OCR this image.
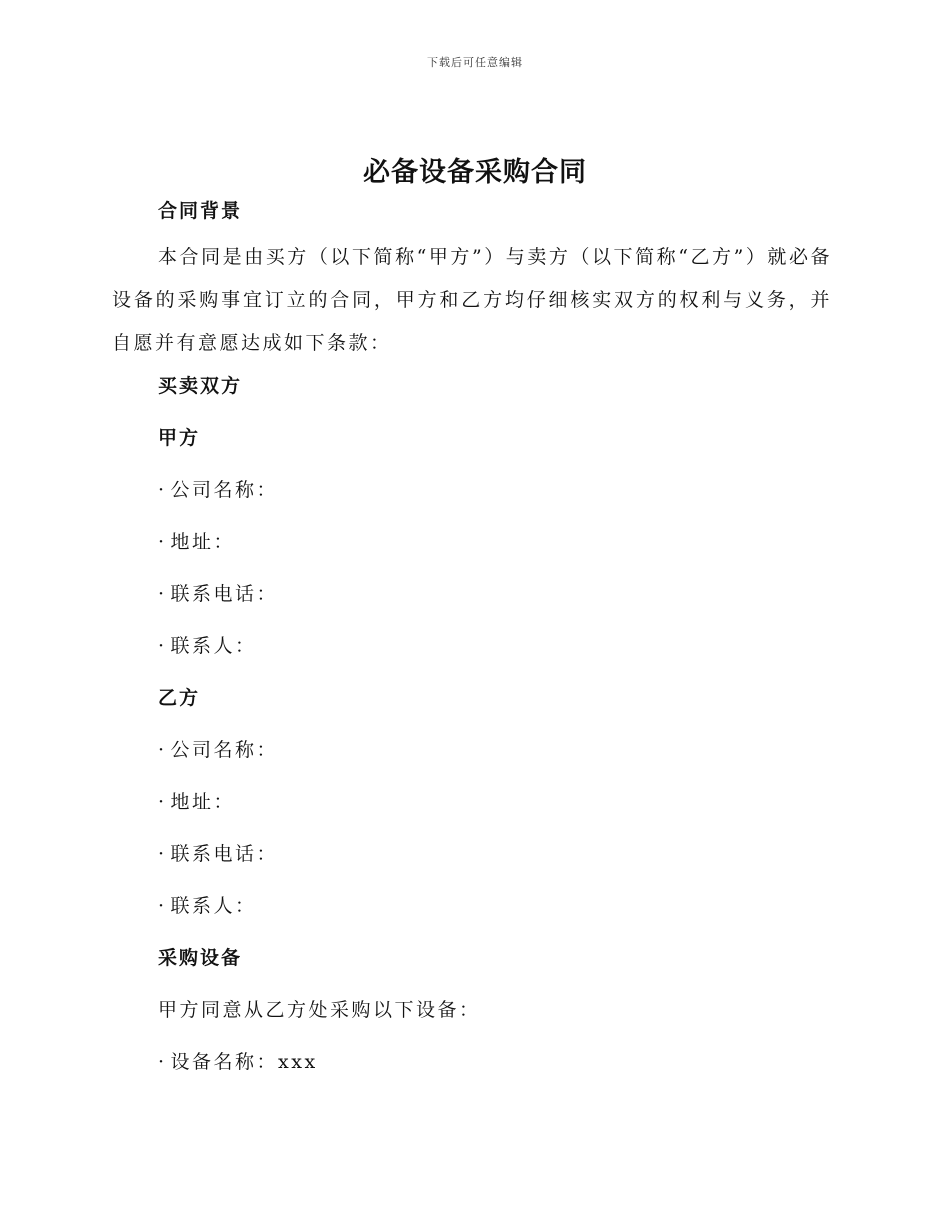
下载后可任意编辑
必备设备采购合同
合同背景

本合同是由买方（以下简称“甲方”）与卖方（以下简称“乙方”）就必备设备的采购事宜订立的合同，甲方和乙方均仔细核实双方的权利与义务，并自愿并有意愿达成如下条款：

买卖双方
甲方
· 公司名称：
· 地址：
· 联系电话：
· 联系人：
乙方
· 公司名称：
· 地址：
· 联系电话：
· 联系人：
采购设备
甲方同意从乙方处采购以下设备：
· 设备名称：xxx
